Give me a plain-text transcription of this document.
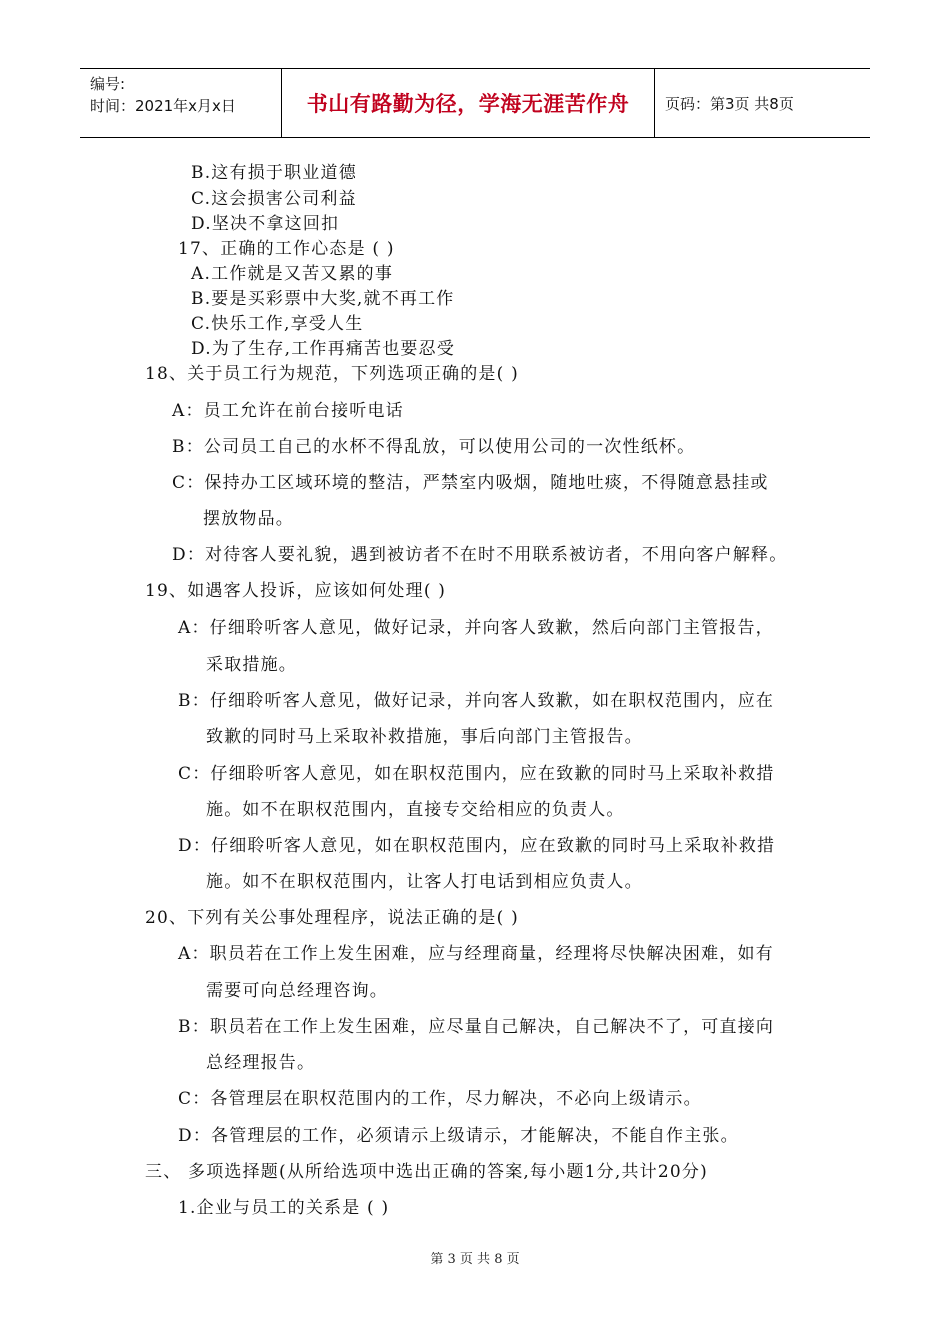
编号:
时间：2021年x月x日	书山有路勤为径，学海无涯苦作舟 页码：第3页 共8页
B.这有损于职业道德
C.这会损害公司利益
D.坚决不拿这回扣
17、正确的工作心态是 ( )
A.工作就是又苦又累的事
B.要是买彩票中大奖,就不再工作
C.快乐工作,享受人生
D.为了生存,工作再痛苦也要忍受
18、关于员工行为规范，下列选项正确的是( )
A：员工允许在前台接听电话
B：公司员工自己的水杯不得乱放，可以使用公司的一次性纸杯。
C：保持办工区域环境的整洁，严禁室内吸烟，随地吐痰，不得随意悬挂或
摆放物品。
D：对待客人要礼貌，遇到被访者不在时不用联系被访者，不用向客户解释。
19、如遇客人投诉，应该如何处理( )
A：仔细聆听客人意见，做好记录，并向客人致歉，然后向部门主管报告，
采取措施。
B：仔细聆听客人意见，做好记录，并向客人致歉，如在职权范围内，应在
致歉的同时马上采取补救措施，事后向部门主管报告。
C：仔细聆听客人意见，如在职权范围内，应在致歉的同时马上采取补救措
施。如不在职权范围内，直接专交给相应的负责人。
D：仔细聆听客人意见，如在职权范围内，应在致歉的同时马上采取补救措
施。如不在职权范围内，让客人打电话到相应负责人。
20、下列有关公事处理程序，说法正确的是( )
A：职员若在工作上发生困难，应与经理商量，经理将尽快解决困难，如有
需要可向总经理咨询。
B：职员若在工作上发生困难，应尽量自己解决，自己解决不了，可直接向
总经理报告。
C：各管理层在职权范围内的工作，尽力解决，不必向上级请示。
D：各管理层的工作，必须请示上级请示，才能解决，不能自作主张。
三、 多项选择题(从所给选项中选出正确的答案,每小题1分,共计20分)
1.企业与员工的关系是 ( )
第 3 页 共 8 页
